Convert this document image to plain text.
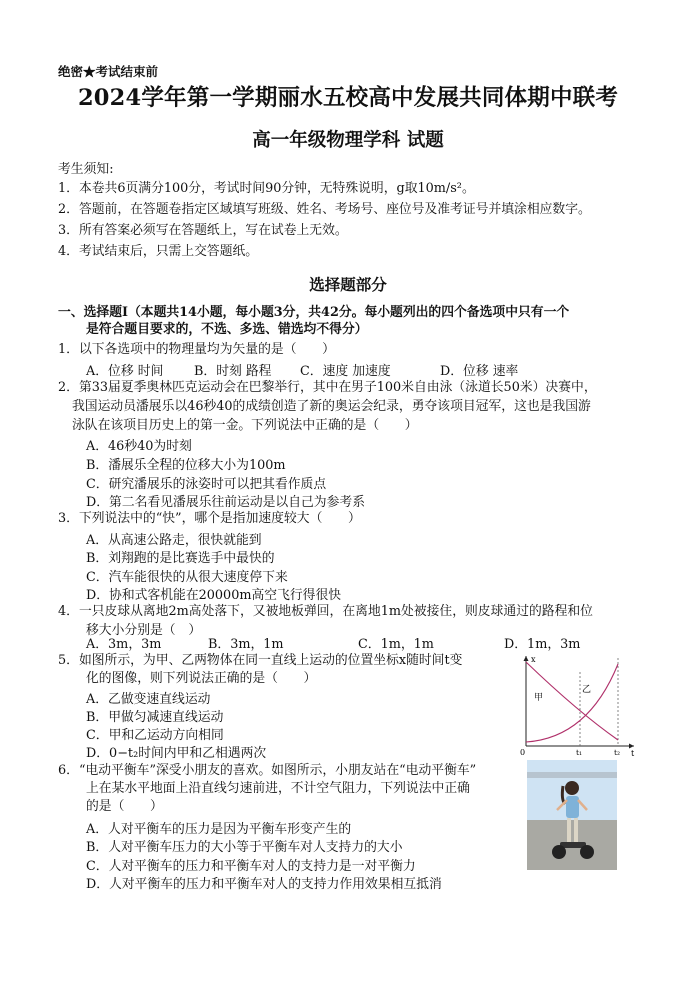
绝密★考试结束前
2024学年第一学期丽水五校高中发展共同体期中联考
高一年级物理学科 试题
考生须知:
1．本卷共6页满分100分，考试时间90分钟，无特殊说明，g取10m/s²。
2．答题前，在答题卷指定区域填写班级、姓名、考场号、座位号及准考证号并填涂相应数字。
3．所有答案必须写在答题纸上，写在试卷上无效。
4．考试结束后，只需上交答题纸。
选择题部分
一、选择题Ⅰ（本题共14小题，每小题3分，共42分。每小题列出的四个备选项中只有一个
是符合题目要求的，不选、多选、错选均不得分）
1．以下各选项中的物理量均为矢量的是（　　）
A．位移 时间 B．时刻 路程 C．速度 加速度	D．位移 速率
2．第33届夏季奥林匹克运动会在巴黎举行，其中在男子100米自由泳（泳道长50米）决赛中，
我国运动员潘展乐以46秒40的成绩创造了新的奥运会纪录，勇夺该项目冠军，这也是我国游
泳队在该项目历史上的第一金。下列说法中正确的是（　　）
A．46秒40为时刻
B．潘展乐全程的位移大小为100m
C．研究潘展乐的泳姿时可以把其看作质点
D．第二名看见潘展乐往前运动是以自己为参考系
3．下列说法中的“快”，哪个是指加速度较大（　　）
A．从高速公路走，很快就能到
B．刘翔跑的是比赛选手中最快的
C．汽车能很快的从很大速度停下来
D．协和式客机能在20000m高空飞行得很快
4．一只皮球从离地2m高处落下，又被地板弹回，在离地1m处被接住，则皮球通过的路程和位
移大小分别是（　）
A．3m，3m	B．3m，1m	C．1m，1m	D．1m，3m
5．如图所示，为甲、乙两物体在同一直线上运动的位置坐标x随时间t变
化的图像，则下列说法正确的是（　　）
A．乙做变速直线运动
B．甲做匀减速直线运动
C．甲和乙运动方向相同
D．0−t₂时间内甲和乙相遇两次
x
t
0	t₁	t₂
甲
乙
6．“电动平衡车”深受小朋友的喜欢。如图所示，小朋友站在“电动平衡车”
上在某水平地面上沿直线匀速前进，不计空气阻力，下列说法中正确
的是（　　）
A．人对平衡车的压力是因为平衡车形变产生的
B．人对平衡车压力的大小等于平衡车对人支持力的大小
C．人对平衡车的压力和平衡车对人的支持力是一对平衡力
D．人对平衡车的压力和平衡车对人的支持力作用效果相互抵消
